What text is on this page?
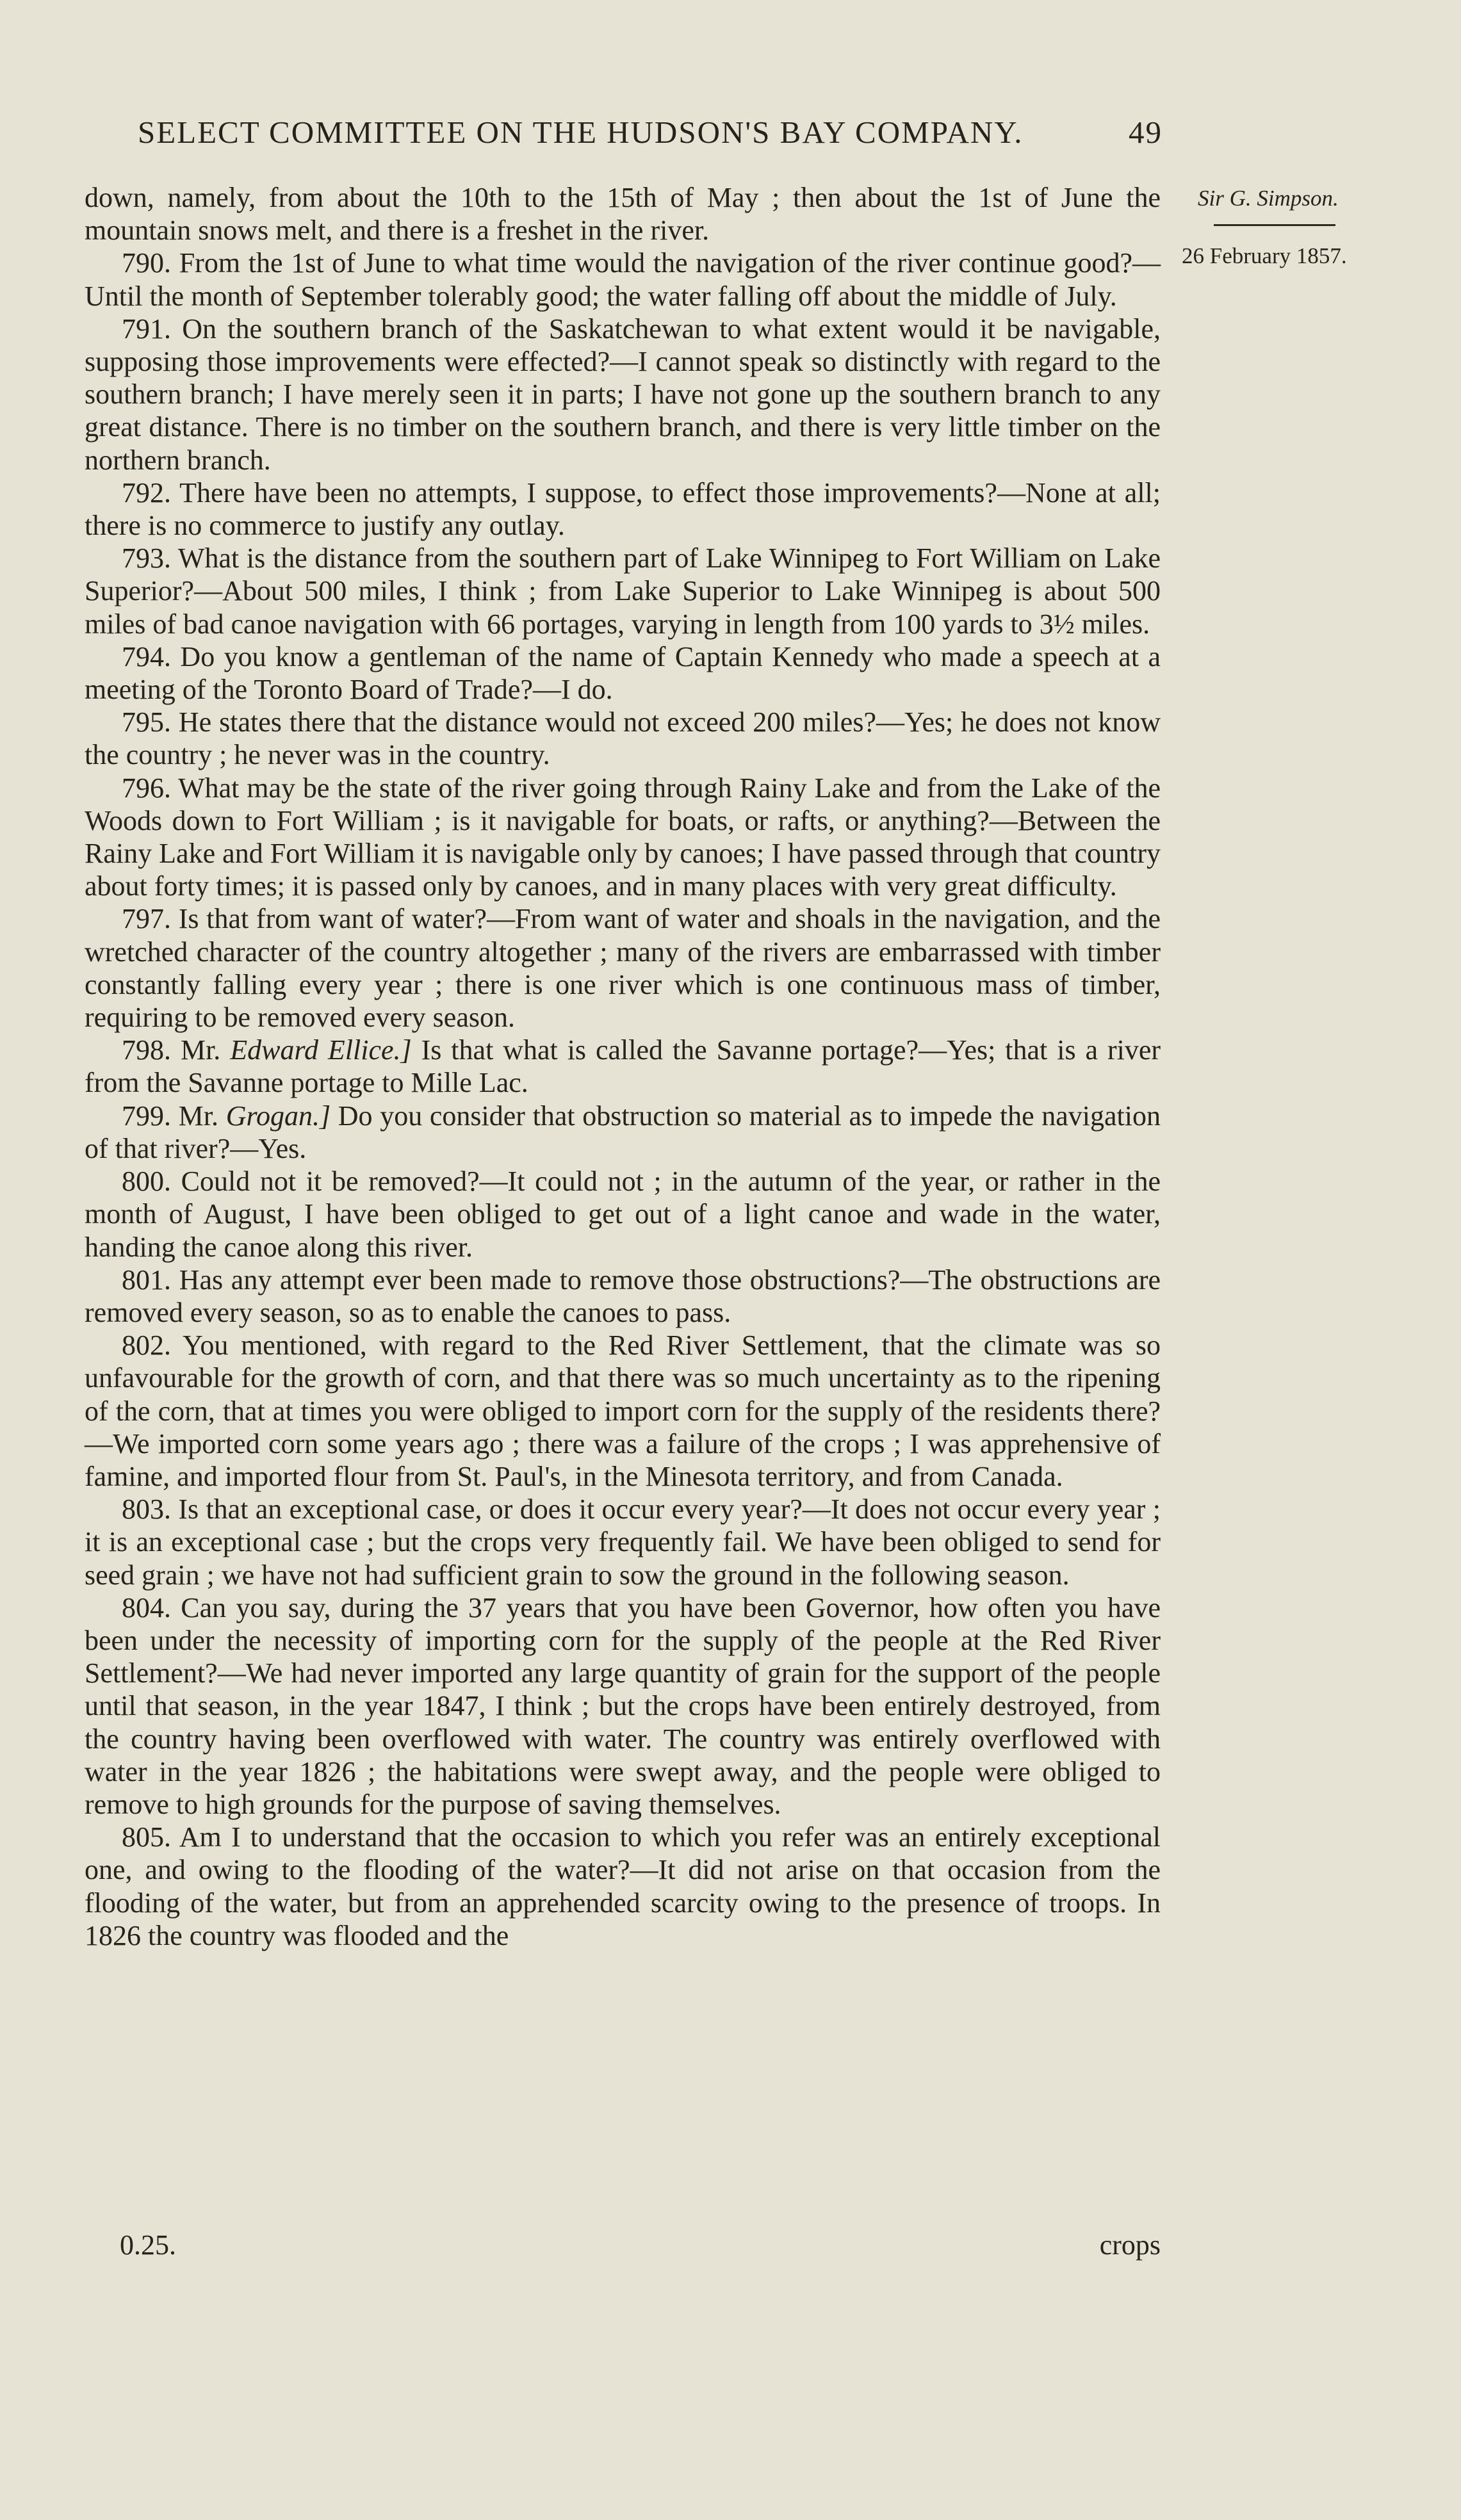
SELECT COMMITTEE ON THE HUDSON'S BAY COMPANY.	49
Sir G. Simpson.
26 February 1857.

down, namely, from about the 10th to the 15th of May ; then about the 1st of June the mountain snows melt, and there is a freshet in the river.

790. From the 1st of June to what time would the navigation of the river continue good?—Until the month of September tolerably good; the water falling off about the middle of July.

791. On the southern branch of the Saskatchewan to what extent would it be navigable, supposing those improvements were effected?—I cannot speak so distinctly with regard to the southern branch; I have merely seen it in parts; I have not gone up the southern branch to any great distance. There is no timber on the southern branch, and there is very little timber on the northern branch.

792. There have been no attempts, I suppose, to effect those improvements?—None at all; there is no commerce to justify any outlay.

793. What is the distance from the southern part of Lake Winnipeg to Fort William on Lake Superior?—About 500 miles, I think ; from Lake Superior to Lake Winnipeg is about 500 miles of bad canoe navigation with 66 portages, varying in length from 100 yards to 3½ miles.

794. Do you know a gentleman of the name of Captain Kennedy who made a speech at a meeting of the Toronto Board of Trade?—I do.

795. He states there that the distance would not exceed 200 miles?—Yes; he does not know the country ; he never was in the country.

796. What may be the state of the river going through Rainy Lake and from the Lake of the Woods down to Fort William ; is it navigable for boats, or rafts, or anything?—Between the Rainy Lake and Fort William it is navigable only by canoes; I have passed through that country about forty times; it is passed only by canoes, and in many places with very great difficulty.

797. Is that from want of water?—From want of water and shoals in the navigation, and the wretched character of the country altogether ; many of the rivers are embarrassed with timber constantly falling every year ; there is one river which is one continuous mass of timber, requiring to be removed every season.

798. Mr. Edward Ellice.] Is that what is called the Savanne portage?—Yes; that is a river from the Savanne portage to Mille Lac.

799. Mr. Grogan.] Do you consider that obstruction so material as to impede the navigation of that river?—Yes.

800. Could not it be removed?—It could not ; in the autumn of the year, or rather in the month of August, I have been obliged to get out of a light canoe and wade in the water, handing the canoe along this river.

801. Has any attempt ever been made to remove those obstructions?—The obstructions are removed every season, so as to enable the canoes to pass.

802. You mentioned, with regard to the Red River Settlement, that the climate was so unfavourable for the growth of corn, and that there was so much uncertainty as to the ripening of the corn, that at times you were obliged to import corn for the supply of the residents there?—We imported corn some years ago ; there was a failure of the crops ; I was apprehensive of famine, and imported flour from St. Paul's, in the Minesota territory, and from Canada.

803. Is that an exceptional case, or does it occur every year?—It does not occur every year ; it is an exceptional case ; but the crops very frequently fail. We have been obliged to send for seed grain ; we have not had sufficient grain to sow the ground in the following season.

804. Can you say, during the 37 years that you have been Governor, how often you have been under the necessity of importing corn for the supply of the people at the Red River Settlement?—We had never imported any large quantity of grain for the support of the people until that season, in the year 1847, I think ; but the crops have been entirely destroyed, from the country having been overflowed with water. The country was entirely overflowed with water in the year 1826 ; the habitations were swept away, and the people were obliged to remove to high grounds for the purpose of saving themselves.

805. Am I to understand that the occasion to which you refer was an entirely exceptional one, and owing to the flooding of the water?—It did not arise on that occasion from the flooding of the water, but from an apprehended scarcity owing to the presence of troops. In 1826 the country was flooded and the

0.25.	crops
